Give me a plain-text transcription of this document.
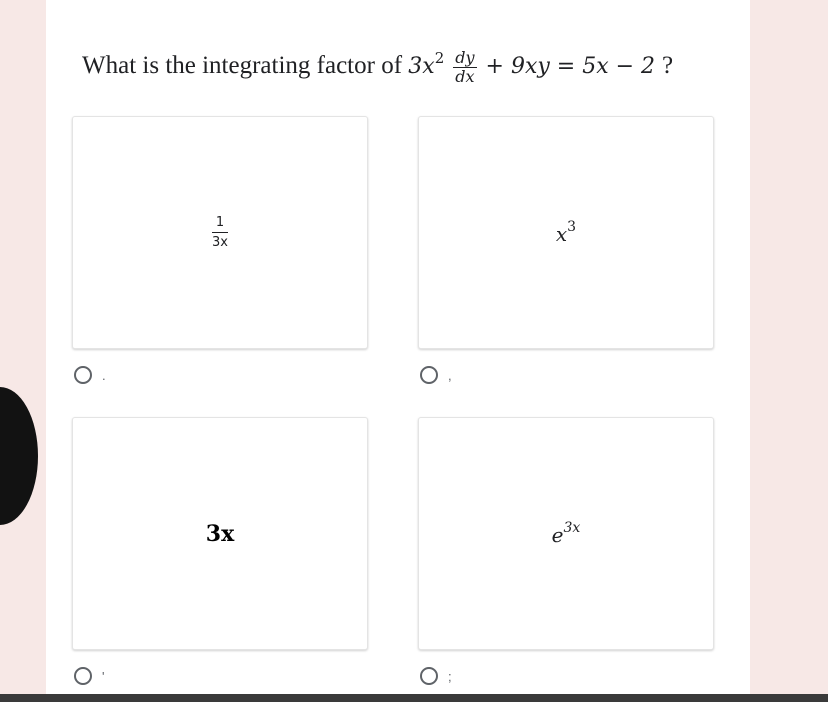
What is the integrating factor of $3x^2 \frac{dy}{dx} + 9xy = 5x - 2$ ?
$\frac{1}{3x}$
.
$x^3$
,
3x
'
$e^{3x}$
;
